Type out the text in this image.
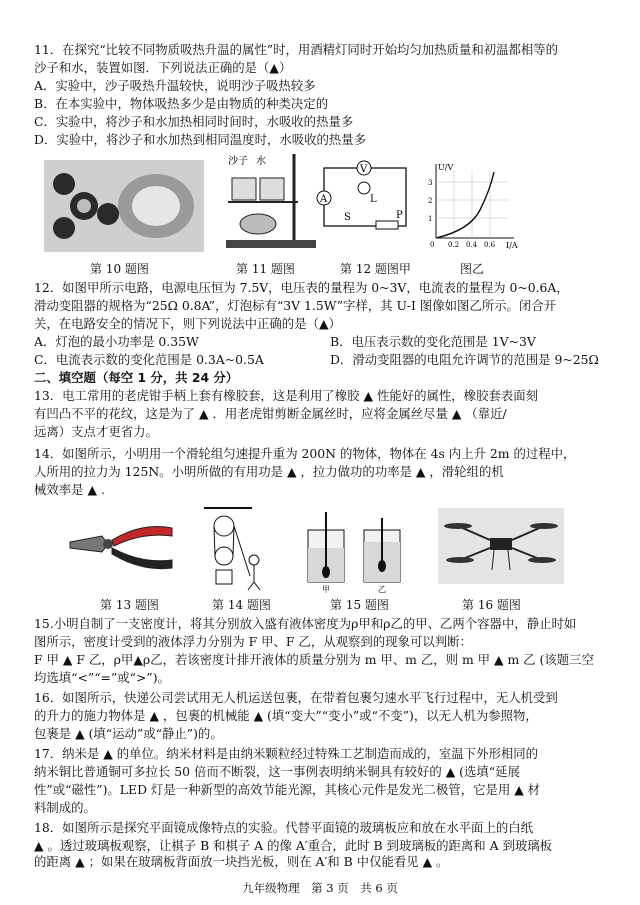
11．在探究“比较不同物质吸热升温的属性”时，用酒精灯同时开始均匀加热质量和初温都相等的
沙子和水，装置如图．下列说法正确的是（▲）
A．实验中，沙子吸热升温较快，说明沙子吸热较多
B．在本实验中，物体吸热多少是由物质的种类决定的
C．实验中，将沙子和水加热相同时间时，水吸收的热量多
D．实验中，将沙子和水加热到相同温度时，水吸收的热量多
沙子 水
V
L
A
S	P
U/V
I/A
0 0.2 0.4 0.6
1
2
3
第 10 题图	第 11 题图	第 12 题图甲	图乙
12．如图甲所示电路，电源电压恒为 7.5V，电压表的量程为 0~3V，电流表的量程为 0~0.6A，
滑动变阻器的规格为“25Ω 0.8A”，灯泡标有“3V 1.5W”字样，其 U-I 图像如图乙所示。闭合开
关，在电路安全的情况下，则下列说法中正确的是（▲）
A．灯泡的最小功率是 0.35W	B．电压表示数的变化范围是 1V~3V
C．电流表示数的变化范围是 0.3A~0.5A	D．滑动变阻器的电阻允许调节的范围是 9~25Ω
二、填空题（每空 1 分，共 24 分）
13．电工常用的老虎钳手柄上套有橡胶套，这是利用了橡胶 ▲ 性能好的属性，橡胶套表面刻
有凹凸不平的花纹，这是为了 ▲ ．用老虎钳剪断金属丝时，应将金属丝尽量 ▲ （靠近/
远离）支点才更省力。
14．如图所示，小明用一个滑轮组匀速提升重为 200N 的物体，物体在 4s 内上升 2m 的过程中，
人所用的拉力为 125N。小明所做的有用功是 ▲ ，拉力做功的功率是 ▲ ，滑轮组的机
械效率是 ▲ .
甲	乙
第 13 题图	第 14 题图	第 15 题图	第 16 题图
15.小明自制了一支密度计，将其分别放入盛有液体密度为ρ甲和ρ乙的甲、乙两个容器中，静止时如
图所示，密度计受到的液体浮力分别为 F 甲、F 乙，从观察到的现象可以判断：
F 甲 ▲ F 乙，ρ甲▲ρ乙，若该密度计排开液体的质量分别为 m 甲、m 乙，则 m 甲 ▲ m 乙 (该题三空
均选填“<”“=”或“>”)。
16．如图所示，快递公司尝试用无人机运送包裹，在带着包裹匀速水平飞行过程中，无人机受到
的升力的施力物体是 ▲ ，包裹的机械能 ▲ (填“变大”“变小”或“不变”)，以无人机为参照物，
包裹是 ▲ (填“运动”或“静止”)的。
17．纳米是 ▲ 的单位。纳米材料是由纳米颗粒经过特殊工艺制造而成的，室温下外形相同的
纳米铜比普通铜可多拉长 50 倍而不断裂，这一事例表明纳米铜具有较好的 ▲ (选填“延展
性”或“磁性”)。LED 灯是一种新型的高效节能光源，其核心元件是发光二极管，它是用 ▲ 材
料制成的。
18．如图所示是探究平面镜成像特点的实验。代替平面镜的玻璃板应和放在水平面上的白纸
▲ 。透过玻璃板观察，让棋子 B 和棋子 A 的像 A′重合，此时 B 到玻璃板的距离和 A 到玻璃板
的距离 ▲ ；如果在玻璃板背面放一块挡光板，则在 A′和 B 中仅能看见 ▲ 。
九年级物理　第 3 页　共 6 页
